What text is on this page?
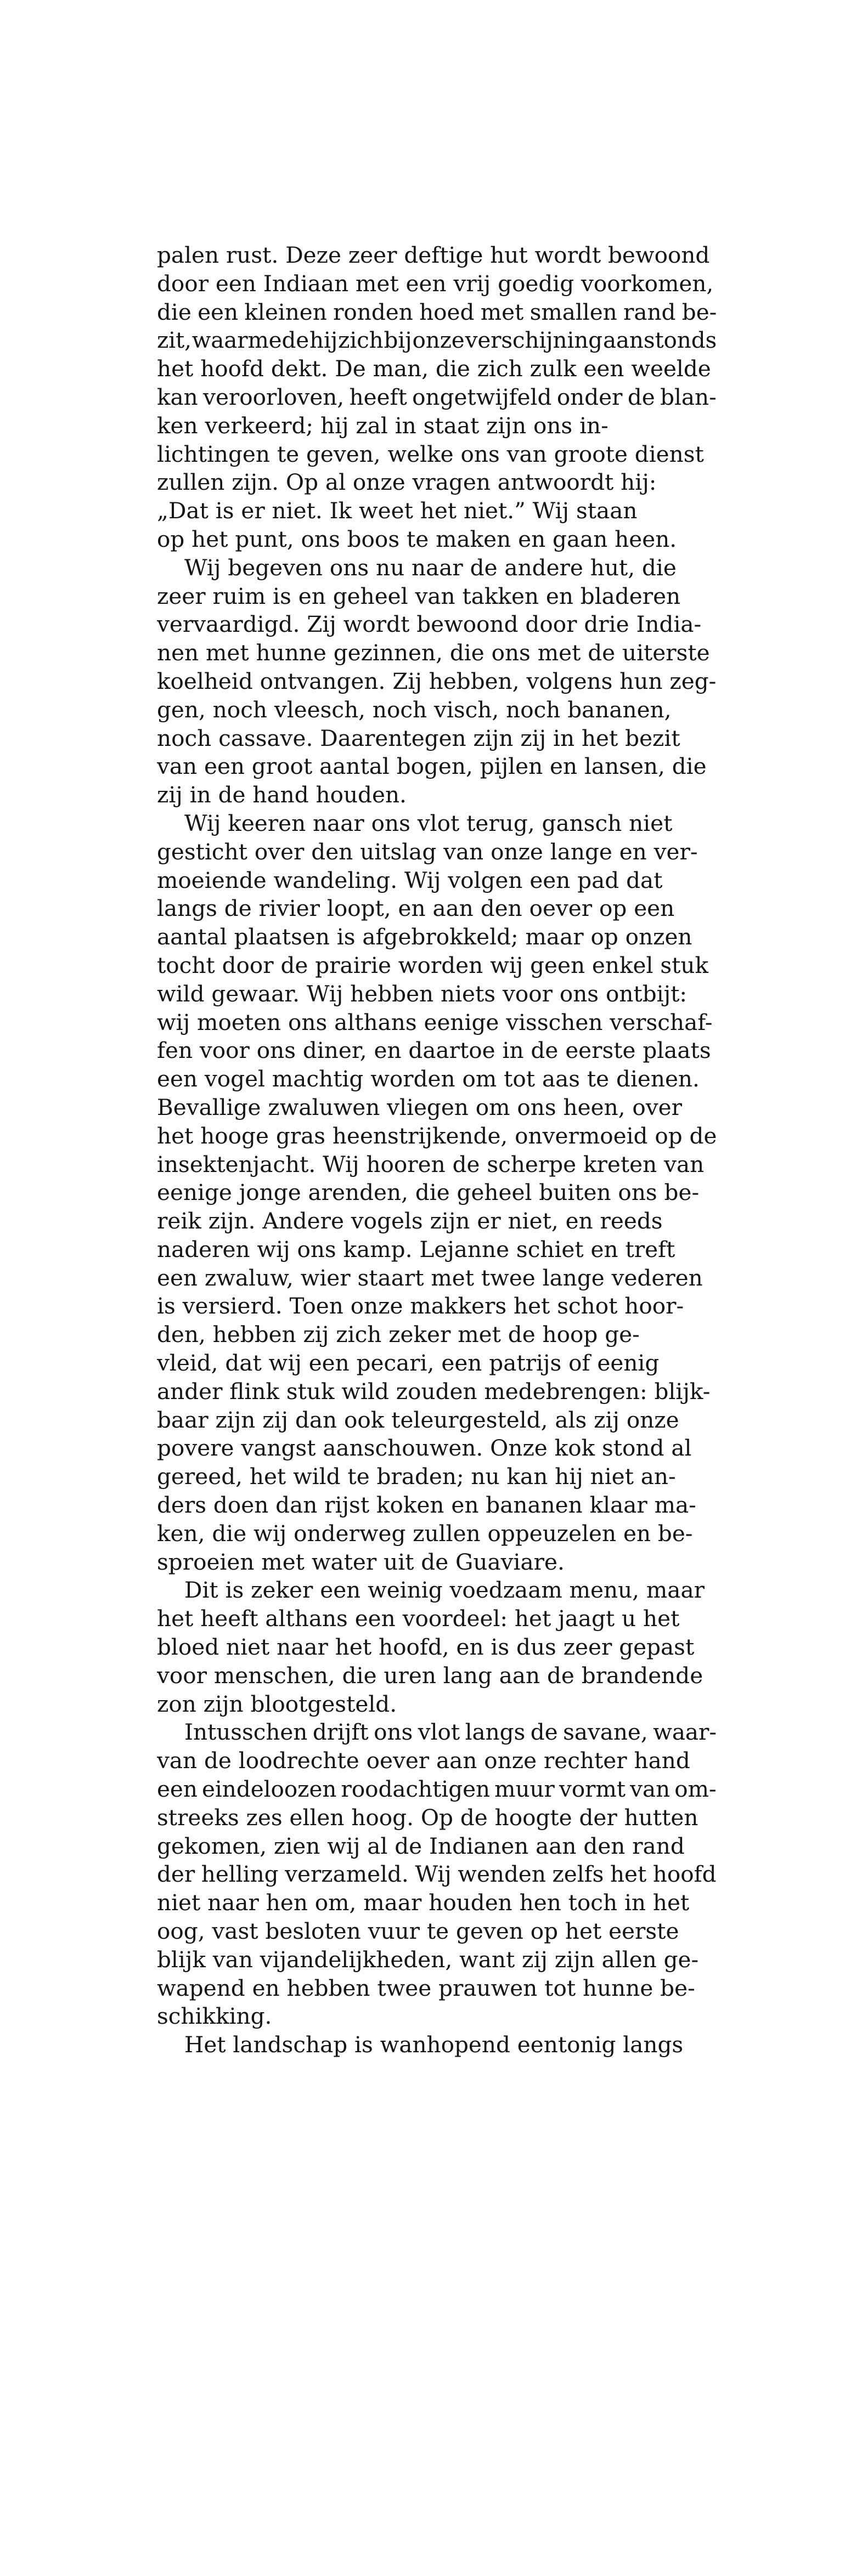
palen rust. Deze zeer deftige hut wordt bewoond
door een Indiaan met een vrij goedig voorkomen,
die een kleinen ronden hoed met smallen rand be-
zit, waarmede hij zich bij onze verschijning aanstonds
het hoofd dekt. De man, die zich zulk een weelde
kan veroorloven, heeft ongetwijfeld onder de blan-
ken verkeerd; hij zal in staat zijn ons in-
lichtingen te geven, welke ons van groote dienst
zullen zijn. Op al onze vragen antwoordt hij:
„Dat is er niet. Ik weet het niet.” Wij staan
op het punt, ons boos te maken en gaan heen.

Wij begeven ons nu naar de andere hut, die
zeer ruim is en geheel van takken en bladeren
vervaardigd. Zij wordt bewoond door drie India-
nen met hunne gezinnen, die ons met de uiterste
koelheid ontvangen. Zij hebben, volgens hun zeg-
gen, noch vleesch, noch visch, noch bananen,
noch cassave. Daarentegen zijn zij in het bezit
van een groot aantal bogen, pijlen en lansen, die
zij in de hand houden.

Wij keeren naar ons vlot terug, gansch niet
gesticht over den uitslag van onze lange en ver-
moeiende wandeling. Wij volgen een pad dat
langs de rivier loopt, en aan den oever op een
aantal plaatsen is afgebrokkeld; maar op onzen
tocht door de prairie worden wij geen enkel stuk
wild gewaar. Wij hebben niets voor ons ontbijt:
wij moeten ons althans eenige visschen verschaf-
fen voor ons diner, en daartoe in de eerste plaats
een vogel machtig worden om tot aas te dienen.
Bevallige zwaluwen vliegen om ons heen, over
het hooge gras heenstrijkende, onvermoeid op de
insektenjacht. Wij hooren de scherpe kreten van
eenige jonge arenden, die geheel buiten ons be-
reik zijn. Andere vogels zijn er niet, en reeds
naderen wij ons kamp. Lejanne schiet en treft
een zwaluw, wier staart met twee lange vederen
is versierd. Toen onze makkers het schot hoor-
den, hebben zij zich zeker met de hoop ge-
vleid, dat wij een pecari, een patrijs of eenig
ander flink stuk wild zouden medebrengen: blijk-
baar zijn zij dan ook teleurgesteld, als zij onze
povere vangst aanschouwen. Onze kok stond al
gereed, het wild te braden; nu kan hij niet an-
ders doen dan rijst koken en bananen klaar ma-
ken, die wij onderweg zullen oppeuzelen en be-
sproeien met water uit de Guaviare.

Dit is zeker een weinig voedzaam menu, maar
het heeft althans een voordeel: het jaagt u het
bloed niet naar het hoofd, en is dus zeer gepast
voor menschen, die uren lang aan de brandende
zon zijn blootgesteld.

Intusschen drijft ons vlot langs de savane, waar-
van de loodrechte oever aan onze rechter hand
een eindeloozen roodachtigen muur vormt van om-
streeks zes ellen hoog. Op de hoogte der hutten
gekomen, zien wij al de Indianen aan den rand
der helling verzameld. Wij wenden zelfs het hoofd
niet naar hen om, maar houden hen toch in het
oog, vast besloten vuur te geven op het eerste
blijk van vijandelijkheden, want zij zijn allen ge-
wapend en hebben twee prauwen tot hunne be-
schikking.

Het landschap is wanhopend eentonig langs
